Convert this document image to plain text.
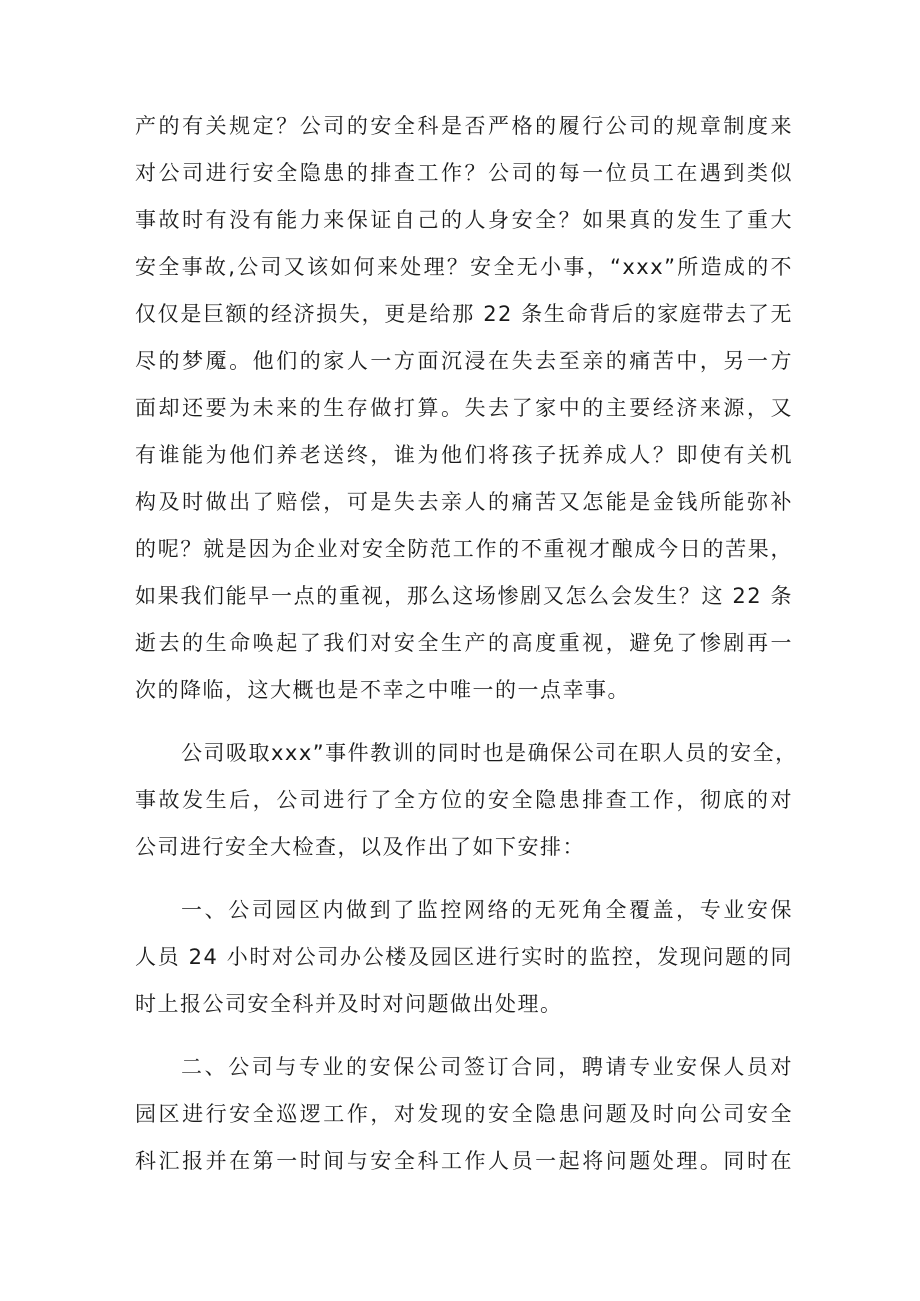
产的有关规定？公司的安全科是否严格的履行公司的规章制度来
对公司进行安全隐患的排查工作？公司的每一位员工在遇到类似
事故时有没有能力来保证自己的人身安全？如果真的发生了重大
安全事故,公司又该如何来处理？安全无小事，“xxx”所造成的不
仅仅是巨额的经济损失，更是给那 22 条生命背后的家庭带去了无
尽的梦魇。他们的家人一方面沉浸在失去至亲的痛苦中，另一方
面却还要为未来的生存做打算。失去了家中的主要经济来源，又
有谁能为他们养老送终，谁为他们将孩子抚养成人？即使有关机
构及时做出了赔偿，可是失去亲人的痛苦又怎能是金钱所能弥补
的呢？就是因为企业对安全防范工作的不重视才酿成今日的苦果，
如果我们能早一点的重视，那么这场惨剧又怎么会发生？这 22 条
逝去的生命唤起了我们对安全生产的高度重视，避免了惨剧再一
次的降临，这大概也是不幸之中唯一的一点幸事。
公司吸取xxx”事件教训的同时也是确保公司在职人员的安全，
事故发生后，公司进行了全方位的安全隐患排查工作，彻底的对
公司进行安全大检查，以及作出了如下安排：
一、公司园区内做到了监控网络的无死角全覆盖，专业安保
人员 24 小时对公司办公楼及园区进行实时的监控，发现问题的同
时上报公司安全科并及时对问题做出处理。
二、公司与专业的安保公司签订合同，聘请专业安保人员对
园区进行安全巡逻工作，对发现的安全隐患问题及时向公司安全
科汇报并在第一时间与安全科工作人员一起将问题处理。同时在
